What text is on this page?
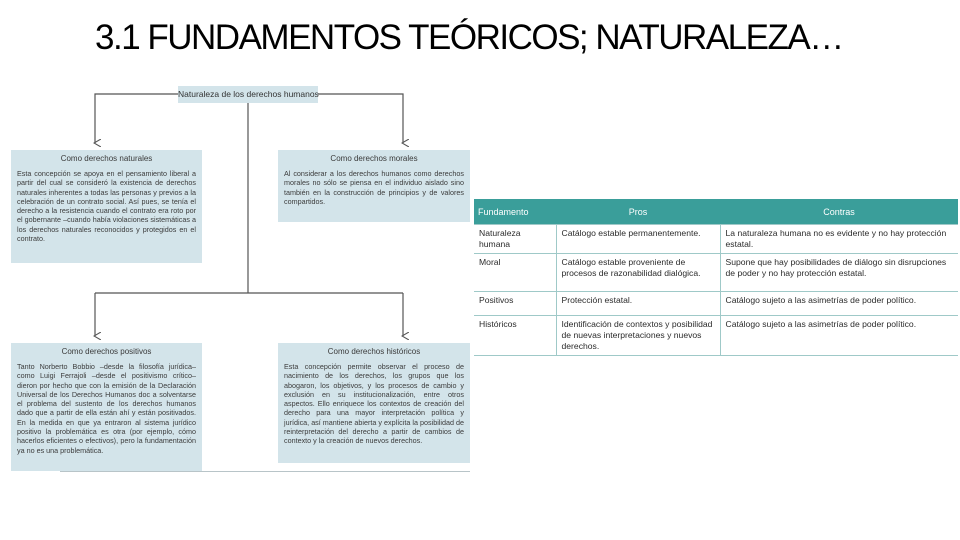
3.1 FUNDAMENTOS TEÓRICOS; NATURALEZA…
Naturaleza de los derechos humanos
Como derechos naturales

Esta concepción se apoya en el pensamiento liberal a partir del cual se consideró la existencia de derechos naturales inherentes a todas las personas y previos a la celebración de un contrato social. Así pues, se tenía el derecho a la resistencia cuando el contrato era roto por el gobernante –cuando había violaciones sistemáticas a los derechos naturales reconocidos y protegidos en el contrato.

Como derechos morales

Al considerar a los derechos humanos como derechos morales no sólo se piensa en el individuo aislado sino también en la construcción de principios y de valores compartidos.

Como derechos positivos

Tanto Norberto Bobbio –desde la filosofía jurídica– como Luigi Ferrajoli –desde el positivismo crítico– dieron por hecho que con la emisión de la Declaración Universal de los Derechos Humanos doc a solventarse el problema del sustento de los derechos humanos dado que a partir de ella están ahí y están positivados. En la medida en que ya entraron al sistema jurídico positivo la problemática es otra (por ejemplo, cómo hacerlos eficientes o efectivos), pero la fundamentación ya no es una problemática.

Como derechos históricos

Esta concepción permite observar el proceso de nacimiento de los derechos, los grupos que los abogaron, los objetivos, y los procesos de cambio y exclusión en su institucionalización, entre otros aspectos. Ello enriquece los contextos de creación del derecho para una mayor interpretación política y jurídica, así mantiene abierta y explícita la posibilidad de reinterpretación del derecho a partir de cambios de contexto y la creación de nuevos derechos.

Fundamento	Pros	Contras
Naturaleza humana	Catálogo estable permanentemente.	La naturaleza humana no es evidente y no hay protección estatal.
Moral	Catálogo estable proveniente de procesos de razonabilidad dialógica.	Supone que hay posibilidades de diálogo sin disrupciones de poder y no hay protección estatal.
Positivos	Protección estatal.	Catálogo sujeto a las asimetrías de poder político.
Históricos	Identificación de contextos y posibilidad de nuevas interpretaciones y nuevos derechos.	Catálogo sujeto a las asimetrías de poder político.
